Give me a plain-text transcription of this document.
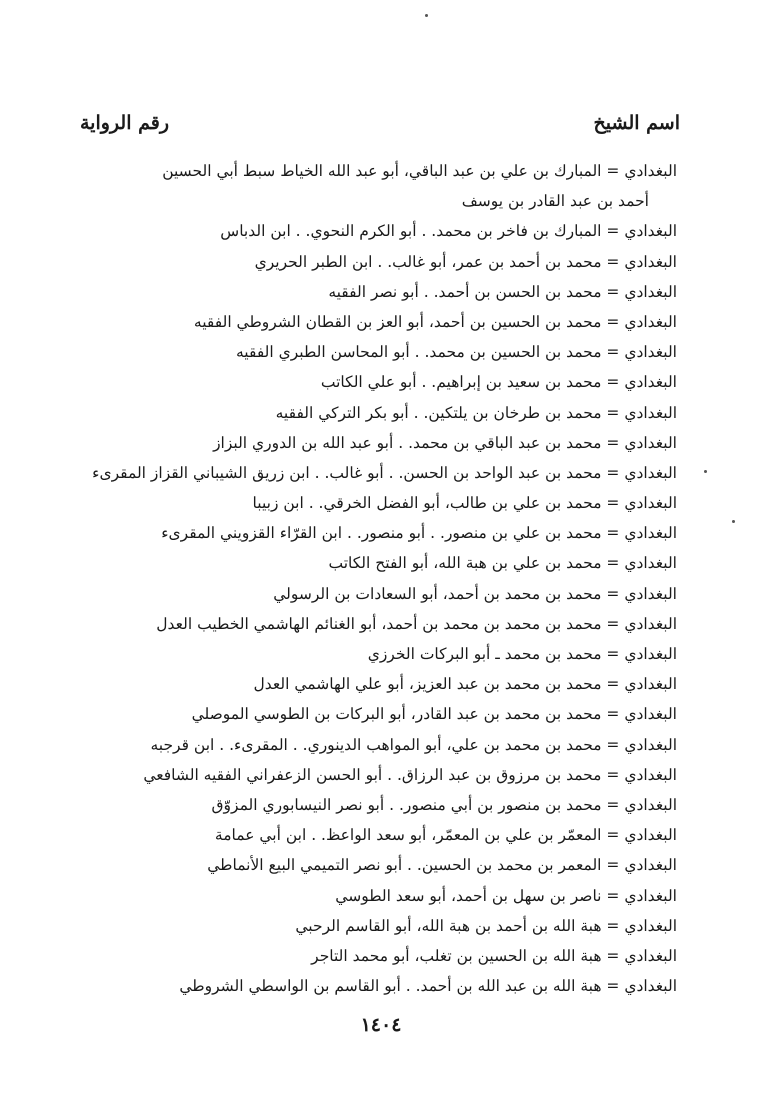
اسم الشيخ
رقم الرواية
البغدادي = المبارك بن علي بن عبد الباقي، أبو عبد الله الخياط سبط أبي الحسين
أحمد بن عبد القادر بن يوسف
البغدادي = المبارك بن فاخر بن محمد. . أبو الكرم النحوي. . ابن الدباس
البغدادي = محمد بن أحمد بن عمر، أبو غالب. . ابن الطبر الحريري
البغدادي = محمد بن الحسن بن أحمد. . أبو نصر الفقيه
البغدادي = محمد بن الحسين بن أحمد، أبو العز بن القطان الشروطي الفقيه
البغدادي = محمد بن الحسين بن محمد. . أبو المحاسن الطبري الفقيه
البغدادي = محمد بن سعيد بن إبراهيم. . أبو علي الكاتب
البغدادي = محمد بن طرخان بن يلتكين. . أبو بكر التركي الفقيه
البغدادي = محمد بن عبد الباقي بن محمد. . أبو عبد الله بن الدوري البزاز
البغدادي = محمد بن عبد الواحد بن الحسن. . أبو غالب. . ابن زريق الشيباني القزاز المقرىء
البغدادي = محمد بن علي بن طالب، أبو الفضل الخرقي. . ابن زبيبا
البغدادي = محمد بن علي بن منصور. . أبو منصور. . ابن القرّاء القزويني المقرىء
البغدادي = محمد بن علي بن هبة الله، أبو الفتح الكاتب
البغدادي = محمد بن محمد بن أحمد، أبو السعادات بن الرسولي
البغدادي = محمد بن محمد بن محمد بن أحمد، أبو الغنائم الهاشمي الخطيب العدل
البغدادي = محمد بن محمد ـ أبو البركات الخرزي
البغدادي = محمد بن محمد بن عبد العزيز، أبو علي الهاشمي العدل
البغدادي = محمد بن محمد بن عبد القادر، أبو البركات بن الطوسي الموصلي
البغدادي = محمد بن محمد بن علي، أبو المواهب الدينوري. . المقرىء. . ابن قرجبه
البغدادي = محمد بن مرزوق بن عبد الرزاق. . أبو الحسن الزعفراني الفقيه الشافعي
البغدادي = محمد بن منصور بن أبي منصور. . أبو نصر النيسابوري المزوّق
البغدادي = المعمّر بن علي بن المعمّر، أبو سعد الواعظ. . ابن أبي عمامة
البغدادي = المعمر بن محمد بن الحسين. . أبو نصر التميمي البيع الأنماطي
البغدادي = ناصر بن سهل بن أحمد، أبو سعد الطوسي
البغدادي = هبة الله بن أحمد بن هبة الله، أبو القاسم الرحبي
البغدادي = هبة الله بن الحسين بن تغلب، أبو محمد التاجر
البغدادي = هبة الله بن عبد الله بن أحمد. . أبو القاسم بن الواسطي الشروطي
١٤٠٤
